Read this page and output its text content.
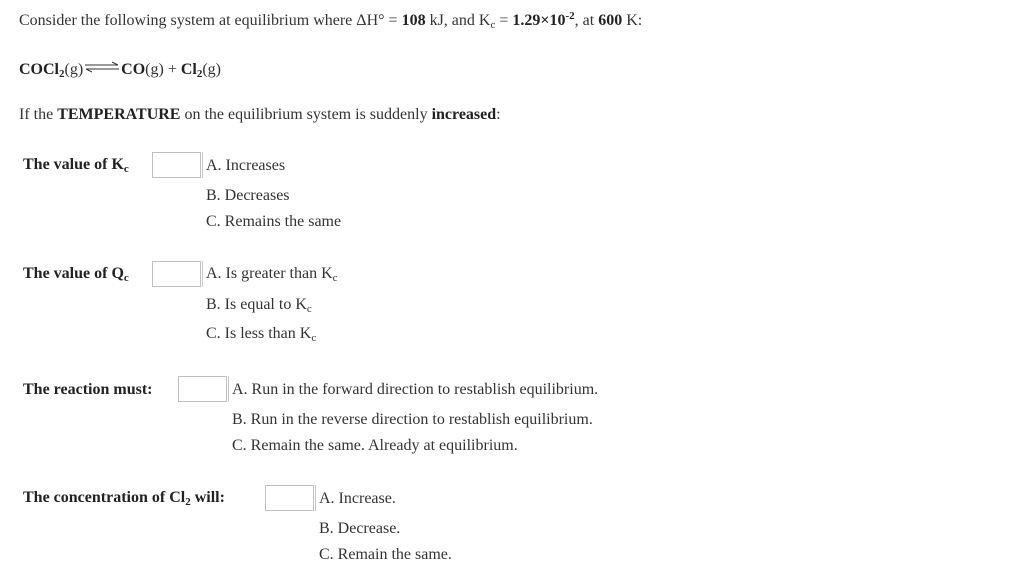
Consider the following system at equilibrium where ΔH° = 108 kJ, and $K_c = 1.29\times 10^{-2}$, at 600 K:
COCl$_2$(g)⇌CO(g) + $Cl_2(g)$
If the TEMPERATURE on the equilibrium system is suddenly increased:
The value of Kc	A. Increases
B. Decreases
C. Remains the same
The value of Qc	A. Is greater than $K_c$
B. Is equal to $K_c$
C. Is less than $K_c$
The reaction must:	A. Run in the forward direction to restablish equilibrium.
B. Run in the reverse direction to restablish equilibrium.
C. Remain the same. Already at equilibrium.
The concentration of Cl2 will:	A. Increase.
B. Decrease.
C. Remain the same.
